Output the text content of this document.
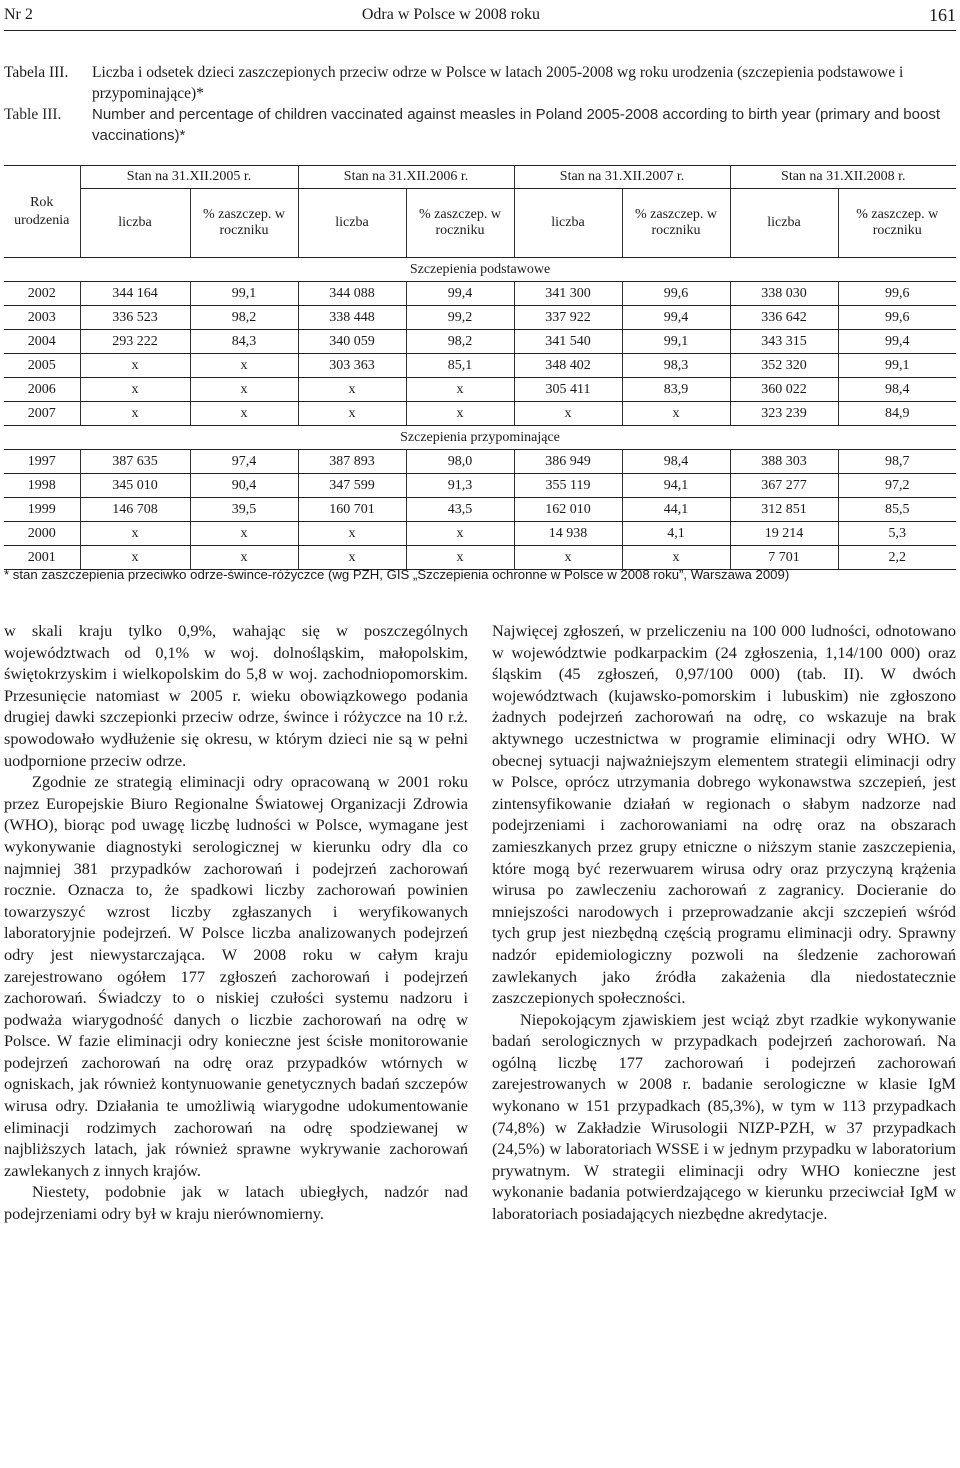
Nr 2	Odra w Polsce w 2008 roku	161
Tabela III.	Liczba i odsetek dzieci zaszczepionych przeciw odrze w Polsce w latach 2005-2008 wg roku urodzenia (szczepienia podstawowe i przypominające)*
Table III.	Number and percentage of children vaccinated against measles in Poland 2005-2008 according to birth year (primary and boost vaccinations)*
Rok urodzenia	Stan na 31.XII.2005 r.		Stan na 31.XII.2006 r.		Stan na 31.XII.2007 r.		Stan na 31.XII.2008 r.	
	liczba	% zaszczep. w roczniku	liczba	% zaszczep. w roczniku	liczba	% zaszczep. w roczniku	liczba	% zaszczep. w roczniku
Szczepienia podstawowe								
2002	344 164	99,1	344 088	99,4	341 300	99,6	338 030	99,6
2003	336 523	98,2	338 448	99,2	337 922	99,4	336 642	99,6
2004	293 222	84,3	340 059	98,2	341 540	99,1	343 315	99,4
2005	x	x	303 363	85,1	348 402	98,3	352 320	99,1
2006	x	x	x	x	305 411	83,9	360 022	98,4
2007	x	x	x	x	x	x	323 239	84,9
Szczepienia przypominające								
1997	387 635	97,4	387 893	98,0	386 949	98,4	388 303	98,7
1998	345 010	90,4	347 599	91,3	355 119	94,1	367 277	97,2
1999	146 708	39,5	160 701	43,5	162 010	44,1	312 851	85,5
2000	x	x	x	x	14 938	4,1	19 214	5,3
2001	x	x	x	x	x	x	7 701	2,2
* stan zaszczepienia przeciwko odrze-śwince-różyczce (wg PZH, GIS „Szczepienia ochronne w Polsce w 2008 roku”, Warszawa 2009)

w skali kraju tylko 0,9%, wahając się w poszczególnych województwach od 0,1% w woj. dolnośląskim, małopolskim, świętokrzyskim i wielkopolskim do 5,8 w woj. zachodniopomorskim. Przesunięcie natomiast w 2005 r. wieku obowiązkowego podania drugiej dawki szczepionki przeciw odrze, śwince i różyczce na 10 r.ż. spowodowało wydłużenie się okresu, w którym dzieci nie są w pełni uodpornione przeciw odrze.

Zgodnie ze strategią eliminacji odry opracowaną w 2001 roku przez Europejskie Biuro Regionalne Światowej Organizacji Zdrowia (WHO), biorąc pod uwagę liczbę ludności w Polsce, wymagane jest wykonywanie diagnostyki serologicznej w kierunku odry dla co najmniej 381 przypadków zachorowań i podejrzeń zachorowań rocznie. Oznacza to, że spadkowi liczby zachorowań powinien towarzyszyć wzrost liczby zgłaszanych i weryfikowanych laboratoryjnie podejrzeń. W Polsce liczba analizowanych podejrzeń odry jest niewystarczająca. W 2008 roku w całym kraju zarejestrowano ogółem 177 zgłoszeń zachorowań i podejrzeń zachorowań. Świadczy to o niskiej czułości systemu nadzoru i podważa wiarygodność danych o liczbie zachorowań na odrę w Polsce. W fazie eliminacji odry konieczne jest ścisłe monitorowanie podejrzeń zachorowań na odrę oraz przypadków wtórnych w ogniskach, jak również kontynuowanie genetycznych badań szczepów wirusa odry. Działania te umożliwią wiarygodne udokumentowanie eliminacji rodzimych zachorowań na odrę spodziewanej w najbliższych latach, jak również sprawne wykrywanie zachorowań zawlekanych z innych krajów.

Niestety, podobnie jak w latach ubiegłych, nadzór nad podejrzeniami odry był w kraju nierównomierny.

Najwięcej zgłoszeń, w przeliczeniu na 100 000 ludności, odnotowano w województwie podkarpackim (24 zgłoszenia, 1,14/100 000) oraz śląskim (45 zgłoszeń, 0,97/100 000) (tab. II). W dwóch województwach (kujawsko-pomorskim i lubuskim) nie zgłoszono żadnych podejrzeń zachorowań na odrę, co wskazuje na brak aktywnego uczestnictwa w programie eliminacji odry WHO. W obecnej sytuacji najważniejszym elementem strategii eliminacji odry w Polsce, oprócz utrzymania dobrego wykonawstwa szczepień, jest zintensyfikowanie działań w regionach o słabym nadzorze nad podejrzeniami i zachorowaniami na odrę oraz na obszarach zamieszkanych przez grupy etniczne o niższym stanie zaszczepienia, które mogą być rezerwuarem wirusa odry oraz przyczyną krążenia wirusa po zawleczeniu zachorowań z zagranicy. Docieranie do mniejszości narodowych i przeprowadzanie akcji szczepień wśród tych grup jest niezbędną częścią programu eliminacji odry. Sprawny nadzór epidemiologiczny pozwoli na śledzenie zachorowań zawlekanych jako źródła zakażenia dla niedostatecznie zaszczepionych społeczności.

Niepokojącym zjawiskiem jest wciąż zbyt rzadkie wykonywanie badań serologicznych w przypadkach podejrzeń zachorowań. Na ogólną liczbę 177 zachorowań i podejrzeń zachorowań zarejestrowanych w 2008 r. badanie serologiczne w klasie IgM wykonano w 151 przypadkach (85,3%), w tym w 113 przypadkach (74,8%) w Zakładzie Wirusologii NIZP-PZH, w 37 przypadkach (24,5%) w laboratoriach WSSE i w jednym przypadku w laboratorium prywatnym. W strategii eliminacji odry WHO konieczne jest wykonanie badania potwierdzającego w kierunku przeciwciał IgM w laboratoriach posiadających niezbędne akredytacje.
